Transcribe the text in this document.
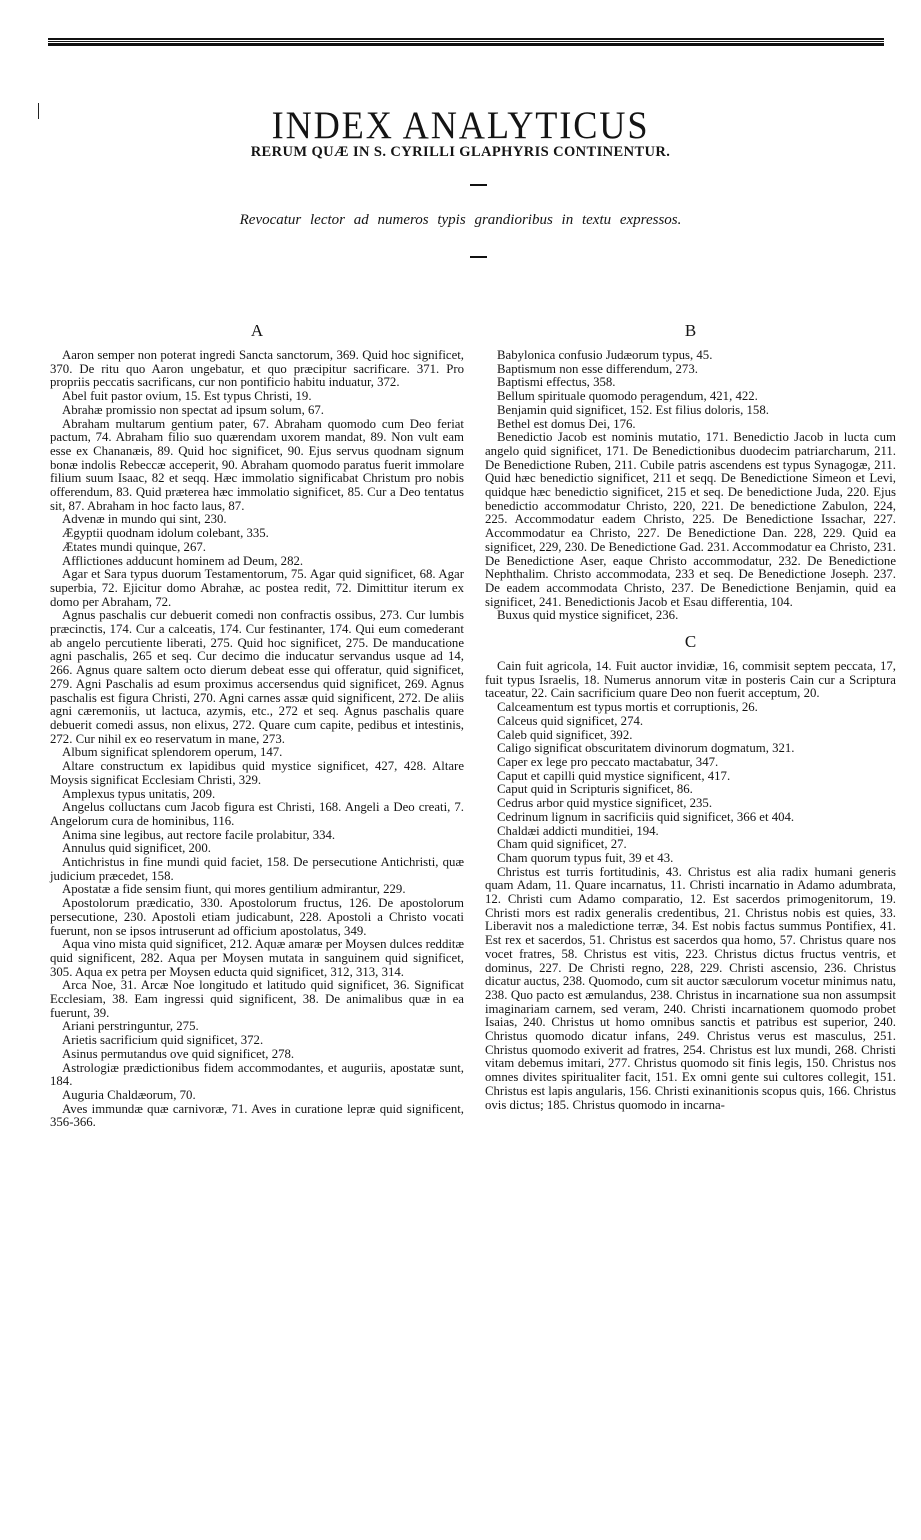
INDEX ANALYTICUS
RERUM QUÆ IN S. CYRILLI GLAPHYRIS CONTINENTUR.
Revocatur lector ad numeros typis grandioribus in textu expressos.
A

Aaron semper non poterat ingredi Sancta sanctorum, 369. Quid hoc significet, 370. De ritu quo Aaron ungebatur, et quo præcipitur sacrificare. 371. Pro propriis peccatis sacrificans, cur non pontificio habitu induatur, 372.

Abel fuit pastor ovium, 15. Est typus Christi, 19.

Abrahæ promissio non spectat ad ipsum solum, 67.

Abraham multarum gentium pater, 67. Abraham quomodo cum Deo feriat pactum, 74. Abraham filio suo quærendam uxorem mandat, 89. Non vult eam esse ex Chananæis, 89. Quid hoc significet, 90. Ejus servus quodnam signum bonæ indolis Rebeccæ acceperit, 90. Abraham quomodo paratus fuerit immolare filium suum Isaac, 82 et seqq. Hæc immolatio significabat Christum pro nobis offerendum, 83. Quid præterea hæc immolatio significet, 85. Cur a Deo tentatus sit, 87. Abraham in hoc facto laus, 87.

Advenæ in mundo qui sint, 230.

Ægyptii quodnam idolum colebant, 335.

Ætates mundi quinque, 267.

Afflictiones adducunt hominem ad Deum, 282.

Agar et Sara typus duorum Testamentorum, 75. Agar quid significet, 68. Agar superbia, 72. Ejicitur domo Abrahæ, ac postea redit, 72. Dimittitur iterum ex domo per Abraham, 72.

Agnus paschalis cur debuerit comedi non confractis ossibus, 273. Cur lumbis præcinctis, 174. Cur a calceatis, 174. Cur festinanter, 174. Qui eum comederant ab angelo percutiente liberati, 275. Quid hoc significet, 275. De manducatione agni paschalis, 265 et seq. Cur decimo die inducatur servandus usque ad 14, 266. Agnus quare saltem octo dierum debeat esse qui offeratur, quid significet, 279. Agni Paschalis ad esum proximus accersendus quid significet, 269. Agnus paschalis est figura Christi, 270. Agni carnes assæ quid significent, 272. De aliis agni cæremoniis, ut lactuca, azymis, etc., 272 et seq. Agnus paschalis quare debuerit comedi assus, non elixus, 272. Quare cum capite, pedibus et intestinis, 272. Cur nihil ex eo reservatum in mane, 273.

Album significat splendorem operum, 147.

Altare constructum ex lapidibus quid mystice significet, 427, 428. Altare Moysis significat Ecclesiam Christi, 329.

Amplexus typus unitatis, 209.

Angelus colluctans cum Jacob figura est Christi, 168. Angeli a Deo creati, 7. Angelorum cura de hominibus, 116.

Anima sine legibus, aut rectore facile prolabitur, 334.

Annulus quid significet, 200.

Antichristus in fine mundi quid faciet, 158. De persecutione Antichristi, quæ judicium præcedet, 158.

Apostatæ a fide sensim fiunt, qui mores gentilium admirantur, 229.

Apostolorum prædicatio, 330. Apostolorum fructus, 126. De apostolorum persecutione, 230. Apostoli etiam judicabunt, 228. Apostoli a Christo vocati fuerunt, non se ipsos intruserunt ad officium apostolatus, 349.

Aqua vino mista quid significet, 212. Aquæ amaræ per Moysen dulces redditæ quid significent, 282. Aqua per Moysen mutata in sanguinem quid significet, 305. Aqua ex petra per Moysen educta quid significet, 312, 313, 314.

Arca Noe, 31. Arcæ Noe longitudo et latitudo quid significet, 36. Significat Ecclesiam, 38. Eam ingressi quid significent, 38. De animalibus quæ in ea fuerunt, 39.

Ariani perstringuntur, 275.

Arietis sacrificium quid significet, 372.

Asinus permutandus ove quid significet, 278.

Astrologiæ prædictionibus fidem accommodantes, et auguriis, apostatæ sunt, 184.

Auguria Chaldæorum, 70.

Aves immundæ quæ carnivoræ, 71. Aves in curatione lepræ quid significent, 356-366.

B

Babylonica confusio Judæorum typus, 45.

Baptismum non esse differendum, 273.

Baptismi effectus, 358.

Bellum spirituale quomodo peragendum, 421, 422.

Benjamin quid significet, 152. Est filius doloris, 158.

Bethel est domus Dei, 176.

Benedictio Jacob est nominis mutatio, 171. Benedictio Jacob in lucta cum angelo quid significet, 171. De Benedictionibus duodecim patriarcharum, 211. De Benedictione Ruben, 211. Cubile patris ascendens est typus Synagogæ, 211. Quid hæc benedictio significet, 211 et seqq. De Benedictione Simeon et Levi, quidque hæc benedictio significet, 215 et seq. De benedictione Juda, 220. Ejus benedictio accommodatur Christo, 220, 221. De benedictione Zabulon, 224, 225. Accommodatur eadem Christo, 225. De Benedictione Issachar, 227. Accommodatur ea Christo, 227. De Benedictione Dan. 228, 229. Quid ea significet, 229, 230. De Benedictione Gad. 231. Accommodatur ea Christo, 231. De Benedictione Aser, eaque Christo accommodatur, 232. De Benedictione Nephthalim. Christo accommodata, 233 et seq. De Benedictione Joseph. 237. De eadem accommodata Christo, 237. De Benedictione Benjamin, quid ea significet, 241. Benedictionis Jacob et Esau differentia, 104.

Buxus quid mystice significet, 236.

C

Cain fuit agricola, 14. Fuit auctor invidiæ, 16, commisit septem peccata, 17, fuit typus Israelis, 18. Numerus annorum vitæ in posteris Cain cur a Scriptura taceatur, 22. Cain sacrificium quare Deo non fuerit acceptum, 20.

Calceamentum est typus mortis et corruptionis, 26.

Calceus quid significet, 274.

Caleb quid significet, 392.

Caligo significat obscuritatem divinorum dogmatum, 321.

Caper ex lege pro peccato mactabatur, 347.

Caput et capilli quid mystice significent, 417.

Caput quid in Scripturis significet, 86.

Cedrus arbor quid mystice significet, 235.

Cedrinum lignum in sacrificiis quid significet, 366 et 404.

Chaldæi addicti munditiei, 194.

Cham quid significet, 27.

Cham quorum typus fuit, 39 et 43.

Christus est turris fortitudinis, 43. Christus est alia radix humani generis quam Adam, 11. Quare incarnatus, 11. Christi incarnatio in Adamo adumbrata, 12. Christi cum Adamo comparatio, 12. Est sacerdos primogenitorum, 19. Christi mors est radix generalis credentibus, 21. Christus nobis est quies, 33. Liberavit nos a maledictione terræ, 34. Est nobis factus summus Pontifiex, 41. Est rex et sacerdos, 51. Christus est sacerdos qua homo, 57. Christus quare nos vocet fratres, 58. Christus est vitis, 223. Christus dictus fructus ventris, et dominus, 227. De Christi regno, 228, 229. Christi ascensio, 236. Christus dicatur auctus, 238. Quomodo, cum sit auctor sæculorum vocetur minimus natu, 238. Quo pacto est æmulandus, 238. Christus in incarnatione sua non assumpsit imaginariam carnem, sed veram, 240. Christi incarnationem quomodo probet Isaias, 240. Christus ut homo omnibus sanctis et patribus est superior, 240. Christus quomodo dicatur infans, 249. Christus verus est masculus, 251. Christus quomodo exiverit ad fratres, 254. Christus est lux mundi, 268. Christi vitam debemus imitari, 277. Christus quomodo sit finis legis, 150. Christus nos omnes divites spiritualiter facit, 151. Ex omni gente sui cultores collegit, 151. Christus est lapis angularis, 156. Christi exinanitionis scopus quis, 166. Christus ovis dictus; 185. Christus quomodo in incarna-
